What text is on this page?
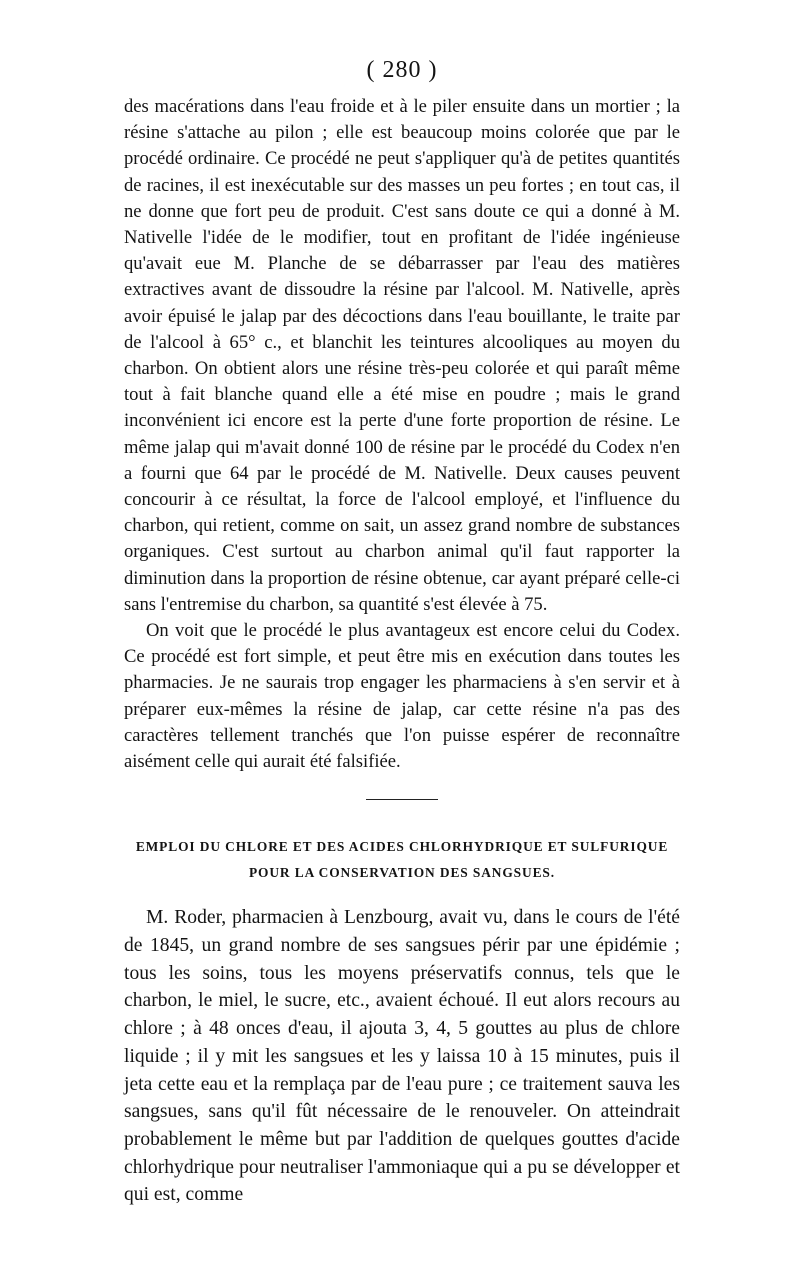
( 280 )

des macérations dans l'eau froide et à le piler ensuite dans un mortier ; la résine s'attache au pilon ; elle est beaucoup moins colorée que par le procédé ordinaire. Ce procédé ne peut s'appliquer qu'à de petites quantités de racines, il est inexécutable sur des masses un peu fortes ; en tout cas, il ne donne que fort peu de produit. C'est sans doute ce qui a donné à M. Nativelle l'idée de le modifier, tout en profitant de l'idée ingénieuse qu'avait eue M. Planche de se débarrasser par l'eau des matières extractives avant de dissoudre la résine par l'alcool. M. Nativelle, après avoir épuisé le jalap par des décoctions dans l'eau bouillante, le traite par de l'alcool à 65° c., et blanchit les teintures alcooliques au moyen du charbon. On obtient alors une résine très-peu colorée et qui paraît même tout à fait blanche quand elle a été mise en poudre ; mais le grand inconvénient ici encore est la perte d'une forte proportion de résine. Le même jalap qui m'avait donné 100 de résine par le procédé du Codex n'en a fourni que 64 par le procédé de M. Nativelle. Deux causes peuvent concourir à ce résultat, la force de l'alcool employé, et l'influence du charbon, qui retient, comme on sait, un assez grand nombre de substances organiques. C'est surtout au charbon animal qu'il faut rapporter la diminution dans la proportion de résine obtenue, car ayant préparé celle-ci sans l'entremise du charbon, sa quantité s'est élevée à 75.

On voit que le procédé le plus avantageux est encore celui du Codex. Ce procédé est fort simple, et peut être mis en exécution dans toutes les pharmacies. Je ne saurais trop engager les pharmaciens à s'en servir et à préparer eux-mêmes la résine de jalap, car cette résine n'a pas des caractères tellement tranchés que l'on puisse espérer de reconnaître aisément celle qui aurait été falsifiée.

EMPLOI DU CHLORE ET DES ACIDES CHLORHYDRIQUE ET SULFURIQUE
POUR LA CONSERVATION DES SANGSUES.

M. Roder, pharmacien à Lenzbourg, avait vu, dans le cours de l'été de 1845, un grand nombre de ses sangsues périr par une épidémie ; tous les soins, tous les moyens préservatifs connus, tels que le charbon, le miel, le sucre, etc., avaient échoué. Il eut alors recours au chlore ; à 48 onces d'eau, il ajouta 3, 4, 5 gouttes au plus de chlore liquide ; il y mit les sangsues et les y laissa 10 à 15 minutes, puis il jeta cette eau et la remplaça par de l'eau pure ; ce traitement sauva les sangsues, sans qu'il fût nécessaire de le renouveler. On atteindrait probablement le même but par l'addition de quelques gouttes d'acide chlorhydrique pour neutraliser l'ammoniaque qui a pu se développer et qui est, comme
